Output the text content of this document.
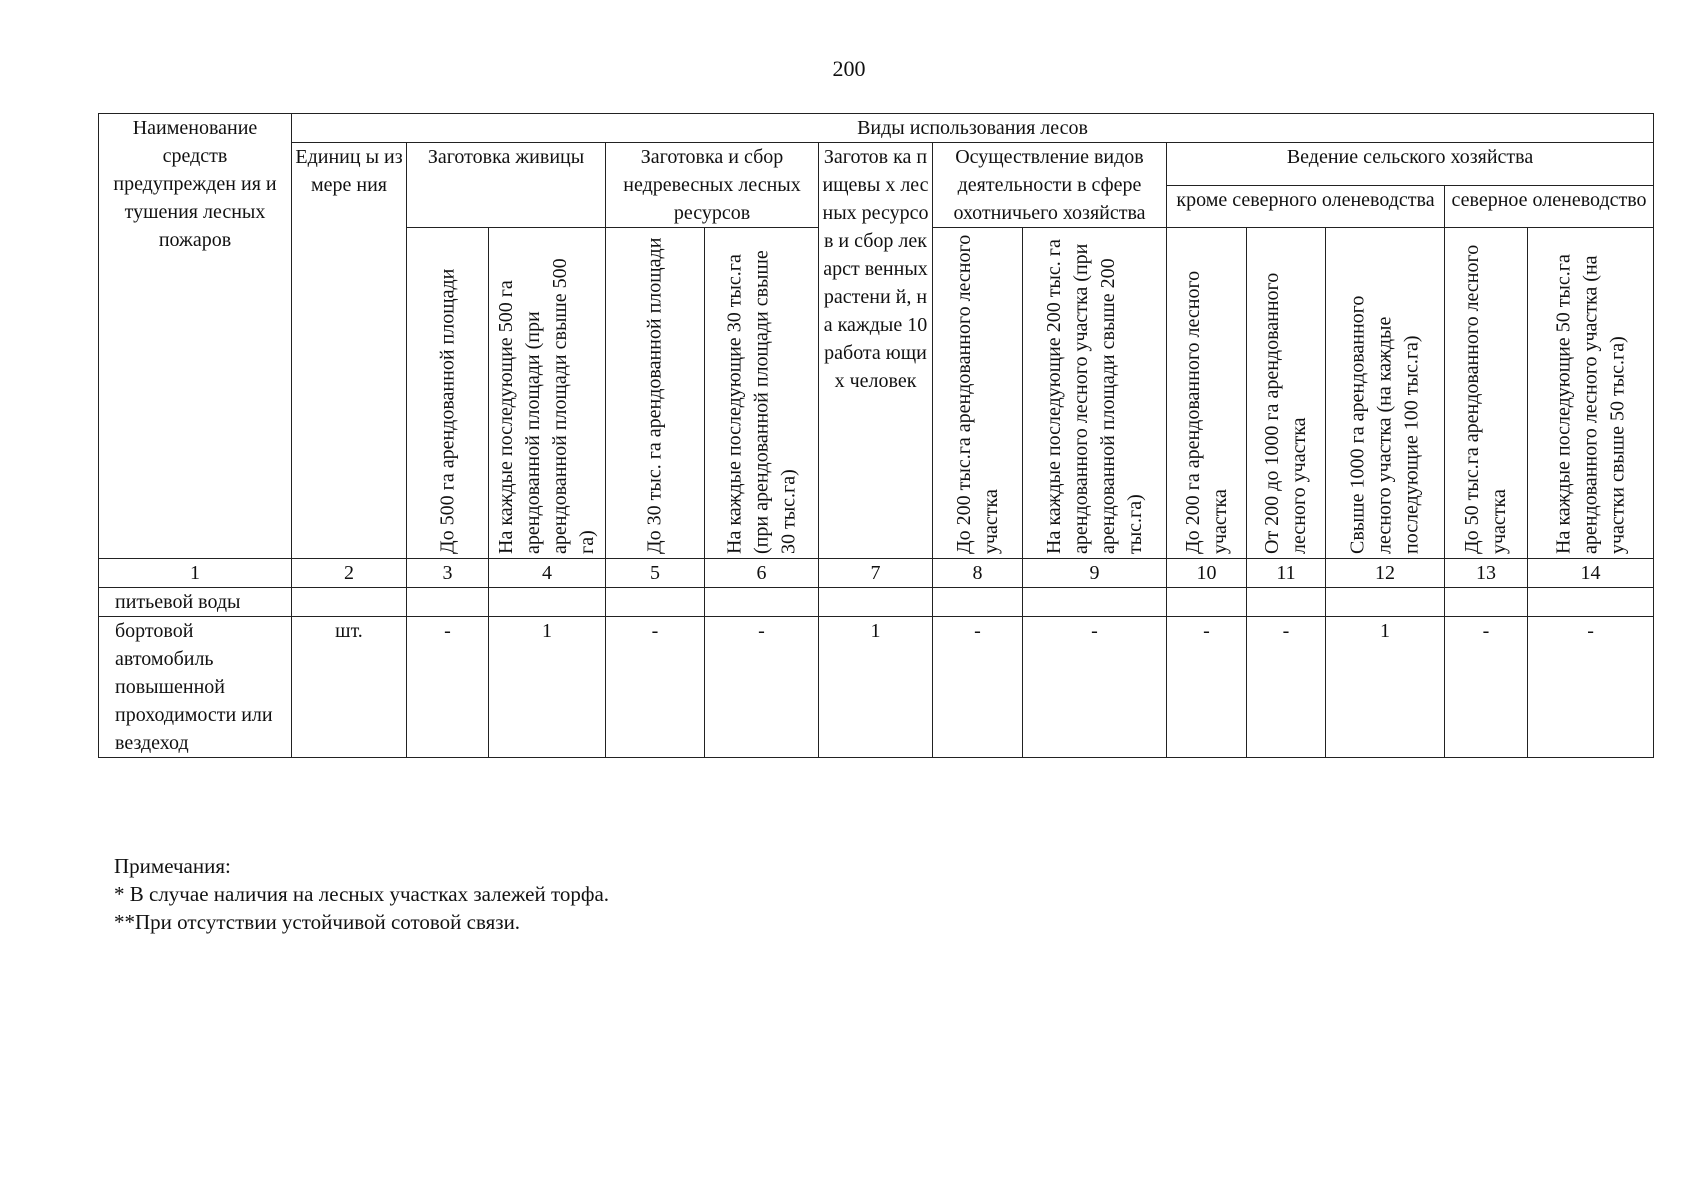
200
Наименование средств предупрежден ия и тушения лесных пожаров	Виды использования лесов												
	Единиц ы измере ния	Заготовка живицы		Заготовка и сбор недревесных лесных ресурсов		Заготов ка пищевы х лесных ресурсо в и сбор лекарст венных растени й, на каждые 10 работа ющих человек	Осуществление видов деятельности в сфере охотничьего хозяйства		Ведение сельского хозяйства				
									кроме северного оленеводства			северное оленеводство	

		До 500 га арендованной площади	На каждые последующие 500 га арендованной площади (при арендованной площади свыше 500 га)	До 30 тыс. га арендованной площади	На каждые последующие 30 тыс.га (при арендованной площади свыше 30 тыс.га)		До 200 тыс.га арендованного лесного участка	На каждые последующие 200 тыс. га арендованного лесного участка (при арендованной площади свыше 200 тыс.га)	До 200 га арендованного лесного участка	От 200 до 1000 га арендованного лесного участка	Свыше 1000 га арендованного лесного участка (на каждые последующие 100 тыс.га)	До 50 тыс.га арендованного лесного участка	На каждые последующие 50 тыс.га арендованного лесного участка (на участки свыше 50 тыс.га)

1	2	3	4	5	6	7	8	9	10	11	12	13	14
питьевой воды													
бортовой автомобиль повышенной проходимости или вездеход	шт.	-	1	-	-	1	-	-	-	-	1	-	-
Примечания:
* В случае наличия на лесных участках залежей торфа.
**При отсутствии устойчивой сотовой связи.
